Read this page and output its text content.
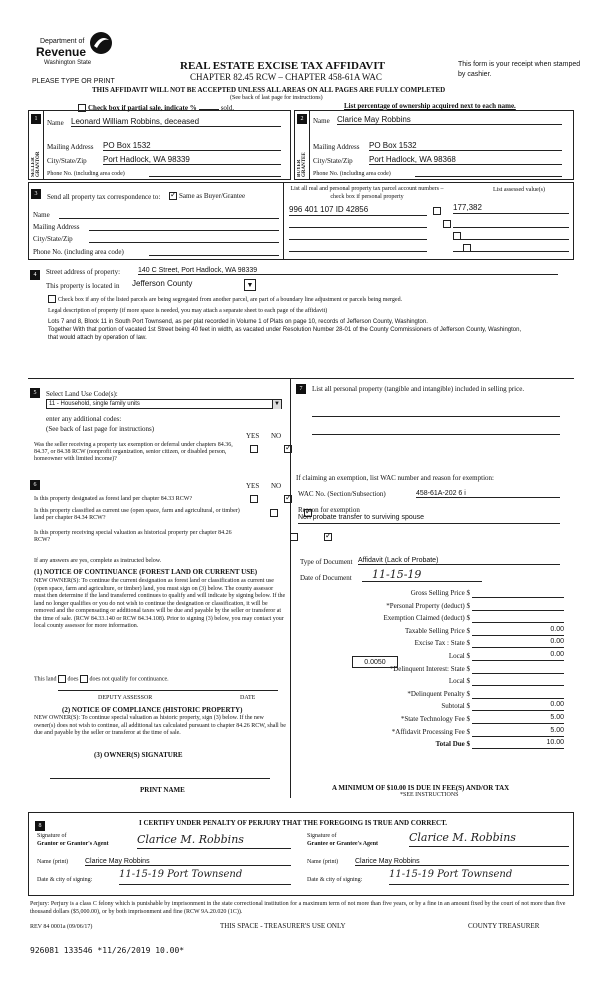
Department of
Revenue
Washington State	REAL ESTATE EXCISE TAX AFFIDAVIT
CHAPTER 82.45 RCW – CHAPTER 458-61A WAC
This form is your receipt when stamped by cashier.
PLEASE TYPE OR PRINT
THIS AFFIDAVIT WILL NOT BE ACCEPTED UNLESS ALL AREAS ON ALL PAGES ARE FULLY COMPLETED
(See back of last page for instructions)
Check box if partial sale, indicate %	sold.	List percentage of ownership acquired next to each name.
1
SELLER GRANTOR
Name Leonard William Robbins, deceased
Mailing Address PO Box 1532
City/State/Zip Port Hadlock, WA 98339
Phone No. (including area code)
2
BUYER GRANTEE
Name Clarice May Robbins
Mailing Address PO Box 1532
City/State/Zip Port Hadlock, WA 98368
Phone No. (including area code)
3	Send all property tax correspondence to:
✓	Same as Buyer/Grantee
Name
Mailing Address
City/State/Zip
Phone No. (including area code)
List all real and personal property tax parcel account numbers – check box if personal property
List assessed value(s)
996 401 107 ID 42856

	177,382
4	Street address of property:	140 C Street, Port Hadlock, WA 98339
This property is located in Jefferson County	▼
Check box if any of the listed parcels are being segregated from another parcel, are part of a boundary line adjustment or parcels being merged.
Legal description of property (if more space is needed, you may attach a separate sheet to each page of the affidavit)
Lots 7 and 8, Block 11 in South Port Townsend, as per plat recorded in Volume 1 of Plats on page 10, records of Jefferson County, Washington.
Together With that portion of vacated 1st Street being 40 feet in width, as vacated under Resolution Number 28-01 of the County Commissioners of Jefferson County, Washington, that would attach by operation of law.
5	Select Land Use Code(s):
11 - Household, single family units	▼
enter any additional codes:
(See back of last page for instructions)
YES NO
Was the seller receiving a property tax exemption or deferral under chapters 84.36, 84.37, or 84.38 RCW (nonprofit organization, senior citizen, or disabled person, homeowner with limited income)?
✓
6	YES NO
Is this property designated as forest land per chapter 84.33 RCW?
✓
Is this property classified as current use (open space, farm and agricultural, or timber) land per chapter 84.34 RCW?
✓
Is this property receiving special valuation as historical property per chapter 84.26 RCW?
✓
If any answers are yes, complete as instructed below.
(1) NOTICE OF CONTINUANCE (FOREST LAND OR CURRENT USE)
NEW OWNER(S): To continue the current designation as forest land or classification as current use (open space, farm and agriculture, or timber) land, you must sign on (3) below. The county assessor must then determine if the land transferred continues to qualify and will indicate by signing below. If the land no longer qualifies or you do not wish to continue the designation or classification, it will be removed and the compensating or additional taxes will be due and payable by the seller or transferor at the time of sale. (RCW 84.33.140 or RCW 84.34.108). Prior to signing (3) below, you may contact your local county assessor for more information.
This land does does not qualify for continuance.
DEPUTY ASSESSOR	DATE
(2) NOTICE OF COMPLIANCE (HISTORIC PROPERTY)
NEW OWNER(S): To continue special valuation as historic property, sign (3) below. If the new owner(s) does not wish to continue, all additional tax calculated pursuant to chapter 84.26 RCW, shall be due and payable by the seller or transferor at the time of sale.
(3) OWNER(S) SIGNATURE
PRINT NAME
7	List all personal property (tangible and intangible) included in selling price.
If claiming an exemption, list WAC number and reason for exemption:
WAC No. (Section/Subsection)	458-61A-202 6 i
Reason for exemption
Non probate transfer to surviving spouse
Type of Document Affidavit (Lack of Probate)
Date of Document	11-15-19
Gross Selling Price $
*Personal Property (deduct) $
Exemption Claimed (deduct) $
Taxable Selling Price $	0.00
Excise Tax : State $	0.00
Local $	0.00
*Delinquent Interest: State $
Local $
*Delinquent Penalty $
Subtotal $	0.00
*State Technology Fee $	5.00
*Affidavit Processing Fee $	5.00
Total Due $	10.00
0.0050
A MINIMUM OF $10.00 IS DUE IN FEE(S) AND/OR TAX
*SEE INSTRUCTIONS
8	I CERTIFY UNDER PENALTY OF PERJURY THAT THE FOREGOING IS TRUE AND CORRECT.
Signature of
Grantor or Grantor's Agent	Clarice M. Robbins
Name (print) Clarice May Robbins
Date & city of signing:	11-15-19 Port Townsend
Signature of
Grantee or Grantee's Agent	Clarice M. Robbins
Name (print) Clarice May Robbins
Date & city of signing:	11-15-19 Port Townsend
Perjury: Perjury is a class C felony which is punishable by imprisonment in the state correctional institution for a maximum term of not more than five years, or by a fine in an amount fixed by the court of not more than five thousand dollars ($5,000.00), or by both imprisonment and fine (RCW 9A.20.020 (1C)).
REV 84 0001a (09/06/17)	THIS SPACE - TREASURER'S USE ONLY	COUNTY TREASURER
926081 133546 *11/26/2019 10.00*
